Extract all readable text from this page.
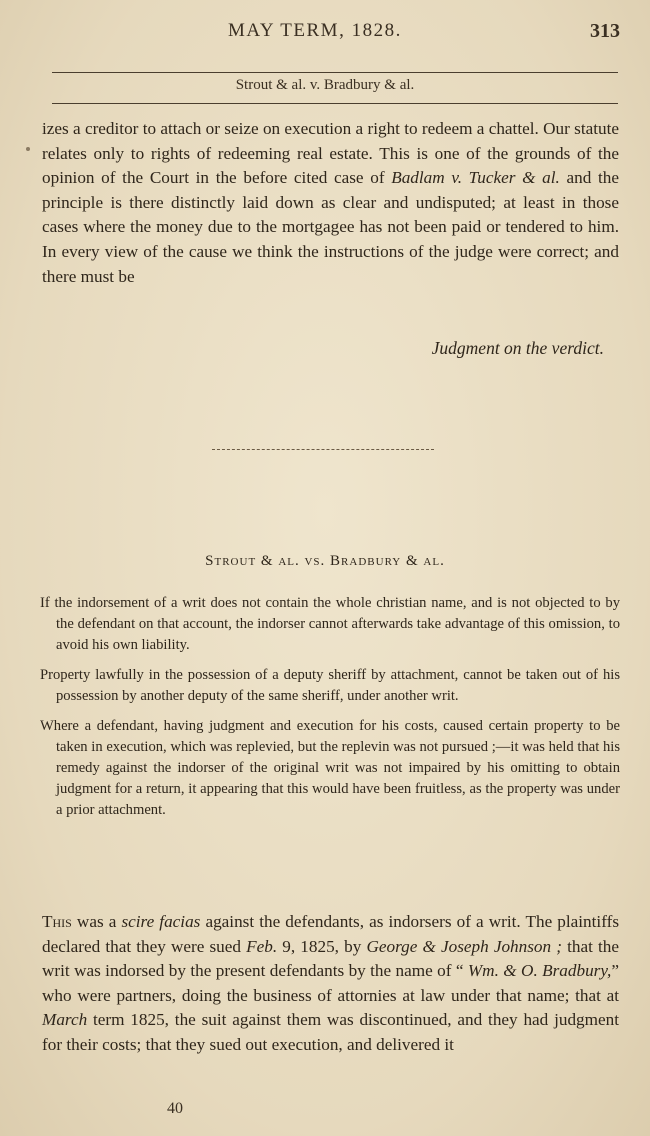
MAY TERM, 1828.	313
Strout & al. v. Bradbury & al.

izes a creditor to attach or seize on execution a right to redeem a chattel. Our statute relates only to rights of redeeming real estate. This is one of the grounds of the opinion of the Court in the before cited case of Badlam v. Tucker & al. and the principle is there distinctly laid down as clear and undisputed; at least in those cases where the money due to the mortgagee has not been paid or tendered to him. In every view of the cause we think the instructions of the judge were correct; and there must be

Judgment on the verdict.
Strout & al. vs. Bradbury & al.

If the indorsement of a writ does not contain the whole christian name, and is not objected to by the defendant on that account, the indorser cannot afterwards take advantage of this omission, to avoid his own liability.

Property lawfully in the possession of a deputy sheriff by attachment, cannot be taken out of his possession by another deputy of the same sheriff, under another writ.

Where a defendant, having judgment and execution for his costs, caused certain property to be taken in execution, which was replevied, but the replevin was not pursued ;—it was held that his remedy against the indorser of the original writ was not impaired by his omitting to obtain judgment for a return, it appearing that this would have been fruitless, as the property was under a prior attachment.

This was a scire facias against the defendants, as indorsers of a writ. The plaintiffs declared that they were sued Feb. 9, 1825, by George & Joseph Johnson ; that the writ was indorsed by the present defendants by the name of “ Wm. & O. Bradbury,” who were partners, doing the business of attornies at law under that name; that at March term 1825, the suit against them was discontinued, and they had judgment for their costs; that they sued out execution, and delivered it

40
